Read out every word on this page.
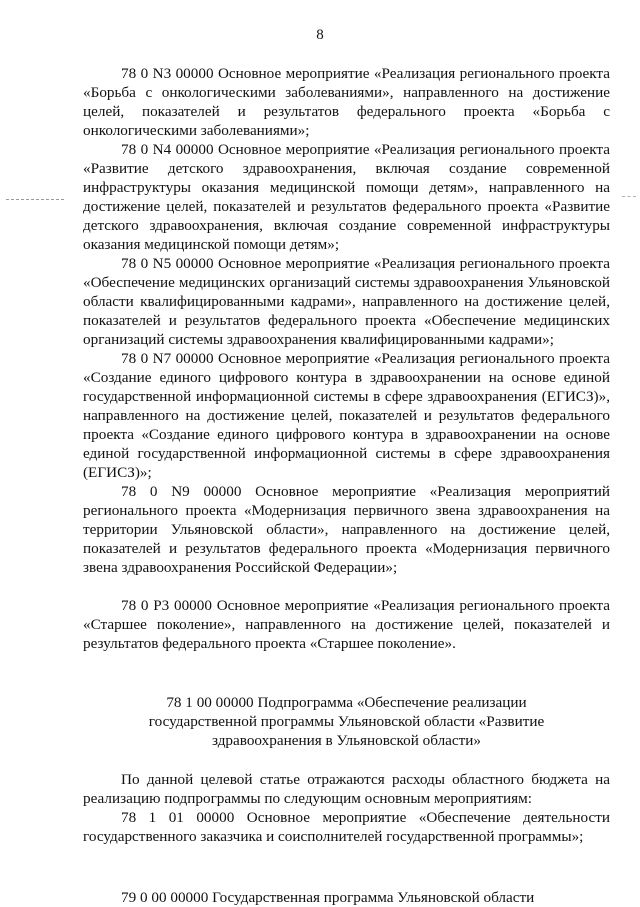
8

78 0 N3 00000 Основное мероприятие «Реализация регионального проекта «Борьба с онкологическими заболеваниями», направленного на достижение целей, показателей и результатов федерального проекта «Борьба с онкологическими заболеваниями»;

78 0 N4 00000 Основное мероприятие «Реализация регионального проекта «Развитие детского здравоохранения, включая создание современной инфраструктуры оказания медицинской помощи детям», направленного на достижение целей, показателей и результатов федерального проекта «Развитие детского здравоохранения, включая создание современной инфраструктуры оказания медицинской помощи детям»;

78 0 N5 00000 Основное мероприятие «Реализация регионального проекта «Обеспечение медицинских организаций системы здравоохранения Ульяновской области квалифицированными кадрами», направленного на достижение целей, показателей и результатов федерального проекта «Обеспечение медицинских организаций системы здравоохранения квалифицированными кадрами»;

78 0 N7 00000 Основное мероприятие «Реализация регионального проекта «Создание единого цифрового контура в здравоохранении на основе единой государственной информационной системы в сфере здравоохранения (ЕГИСЗ)», направленного на достижение целей, показателей и результатов федерального проекта «Создание единого цифрового контура в здравоохранении на основе единой государственной информационной системы в сфере здравоохранения (ЕГИСЗ)»;

78 0 N9 00000 Основное мероприятие «Реализация мероприятий регионального проекта «Модернизация первичного звена здравоохранения на территории Ульяновской области», направленного на достижение целей, показателей и результатов федерального проекта «Модернизация первичного звена здравоохранения Российской Федерации»;

78 0 P3 00000 Основное мероприятие «Реализация регионального проекта «Старшее поколение», направленного на достижение целей, показателей и результатов федерального проекта «Старшее поколение».

78 1 00 00000 Подпрограмма «Обеспечение реализации государственной программы Ульяновской области «Развитие здравоохранения в Ульяновской области»

По данной целевой статье отражаются расходы областного бюджета на реализацию подпрограммы по следующим основным мероприятиям:

78 1 01 00000 Основное мероприятие «Обеспечение деятельности государственного заказчика и соисполнителей государственной программы»;

79 0 00 00000 Государственная программа Ульяновской области
